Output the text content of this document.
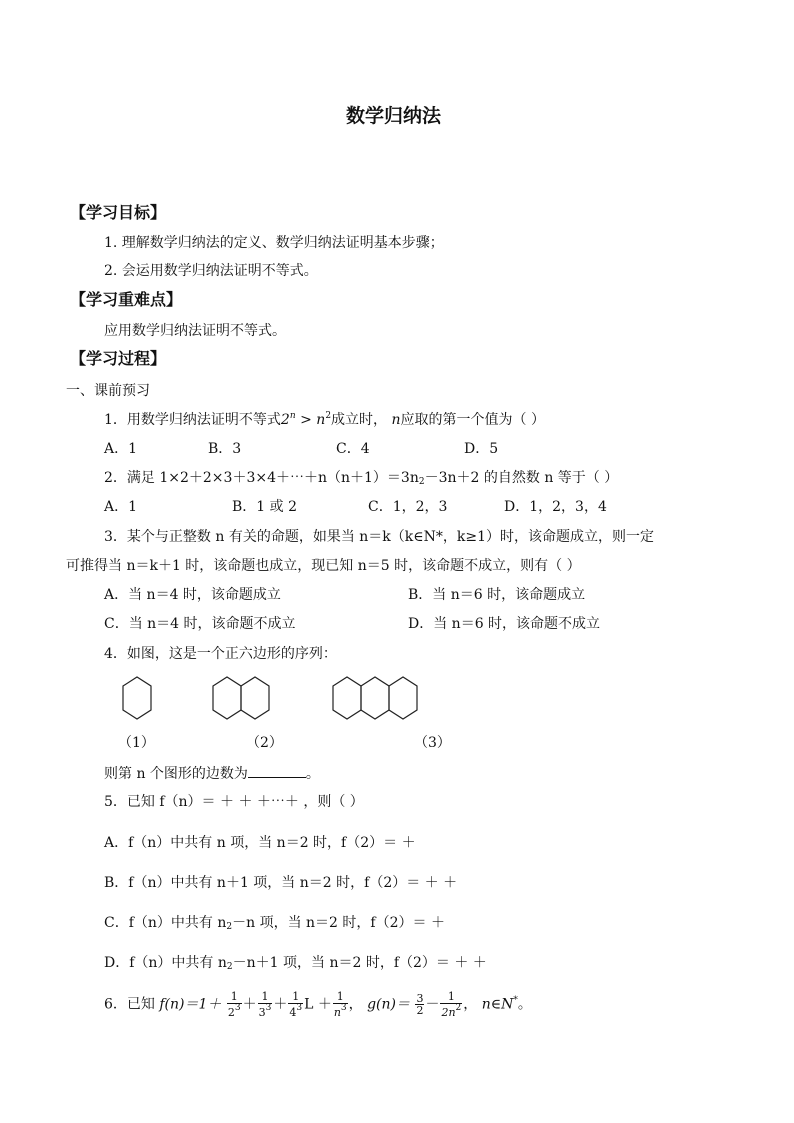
数学归纳法
【学习目标】
1. 理解数学归纳法的定义、数学归纳法证明基本步骤；
2. 会运用数学归纳法证明不等式。
【学习重难点】
应用数学归纳法证明不等式。
【学习过程】
一、课前预习
1．用数学归纳法证明不等式$2^n > n^2$成立时， n应取的第一个值为（ ）
A．1	B．3	C．4	D．5
2．满足 $1\times 2+2\times 3+3\times 4+\cdots+n(n+1)=3n_2-3n+2$ 的自然数 n 等于（ ）
A．1	B．1 或 2	C．1，2，3	D．1，2，3，4
3．某个与正整数 n 有关的命题，如果当 n＝k（k∈N*，k≥1）时，该命题成立，则一定
可推得当 n＝k＋1 时，该命题也成立，现已知 n＝5 时，该命题不成立，则有（ ）
A．当 n＝4 时，该命题成立	B．当 n＝6 时，该命题成立
C．当 n＝4 时，该命题不成立	D．当 n＝6 时，该命题不成立
4．如图，这是一个正六边形的序列：
（1）	（2）	（3）
则第 n 个图形的边数为	。
5．已知 f（n）＝ ＋ ＋ ＋⋯＋ ，则（ ）
A．f（n）中共有 n 项，当 n＝2 时，f（2）＝ ＋
B．f（n）中共有 n＋1 项，当 n＝2 时，f（2）＝ ＋ ＋
C．f（n）中共有 $n_2-n$ 项，当 n＝2 时，f（2）＝ ＋
D．f（n）中共有 $n_2-n+1$ 项，当 n＝2 时，f（2）＝ ＋ ＋
6．已知 $f(n)=1+ \frac{1}{2^3} + \frac{1}{3^3} + \frac{1}{4^3}$ $L + \frac{1}{n^3}$ ， $g(n)= \frac{3}{2} - \frac{1}{2n^2}$ ， n∈N*。
